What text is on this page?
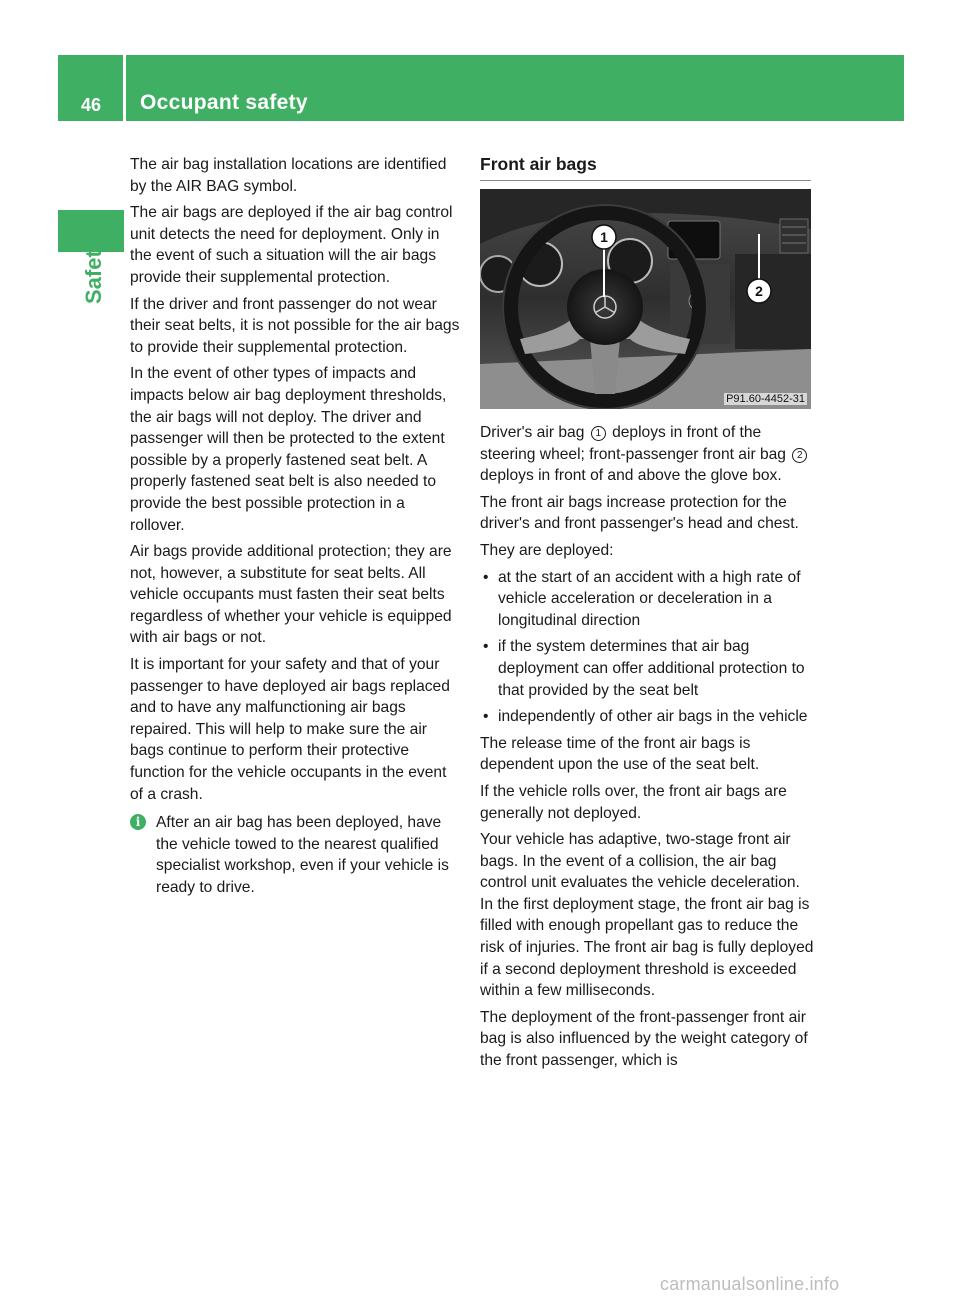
46	Occupant safety
Safety

The air bag installation locations are identified by the AIR BAG symbol.

The air bags are deployed if the air bag control unit detects the need for deployment. Only in the event of such a situation will the air bags provide their supplemental protection.

If the driver and front passenger do not wear their seat belts, it is not possible for the air bags to provide their supplemental protection.

In the event of other types of impacts and impacts below air bag deployment thresholds, the air bags will not deploy. The driver and passenger will then be protected to the extent possible by a properly fastened seat belt. A properly fastened seat belt is also needed to provide the best possible protection in a rollover.

Air bags provide additional protection; they are not, however, a substitute for seat belts. All vehicle occupants must fasten their seat belts regardless of whether your vehicle is equipped with air bags or not.

It is important for your safety and that of your passenger to have deployed air bags replaced and to have any malfunctioning air bags repaired. This will help to make sure the air bags continue to perform their protective function for the vehicle occupants in the event of a crash.

i	After an air bag has been deployed, have the vehicle towed to the nearest qualified specialist workshop, even if your vehicle is ready to drive.
Front air bags
1
2
P91.60-4452-31

Driver's air bag 1 deploys in front of the steering wheel; front-passenger front air bag 2 deploys in front of and above the glove box.

The front air bags increase protection for the driver's and front passenger's head and chest.

They are deployed:

• at the start of an accident with a high rate of vehicle acceleration or deceleration in a longitudinal direction
• if the system determines that air bag deployment can offer additional protection to that provided by the seat belt
• independently of other air bags in the vehicle

The release time of the front air bags is dependent upon the use of the seat belt.

If the vehicle rolls over, the front air bags are generally not deployed.

Your vehicle has adaptive, two-stage front air bags. In the event of a collision, the air bag control unit evaluates the vehicle deceleration. In the first deployment stage, the front air bag is filled with enough propellant gas to reduce the risk of injuries. The front air bag is fully deployed if a second deployment threshold is exceeded within a few milliseconds.

The deployment of the front-passenger front air bag is also influenced by the weight category of the front passenger, which is

carmanualsonline.info
